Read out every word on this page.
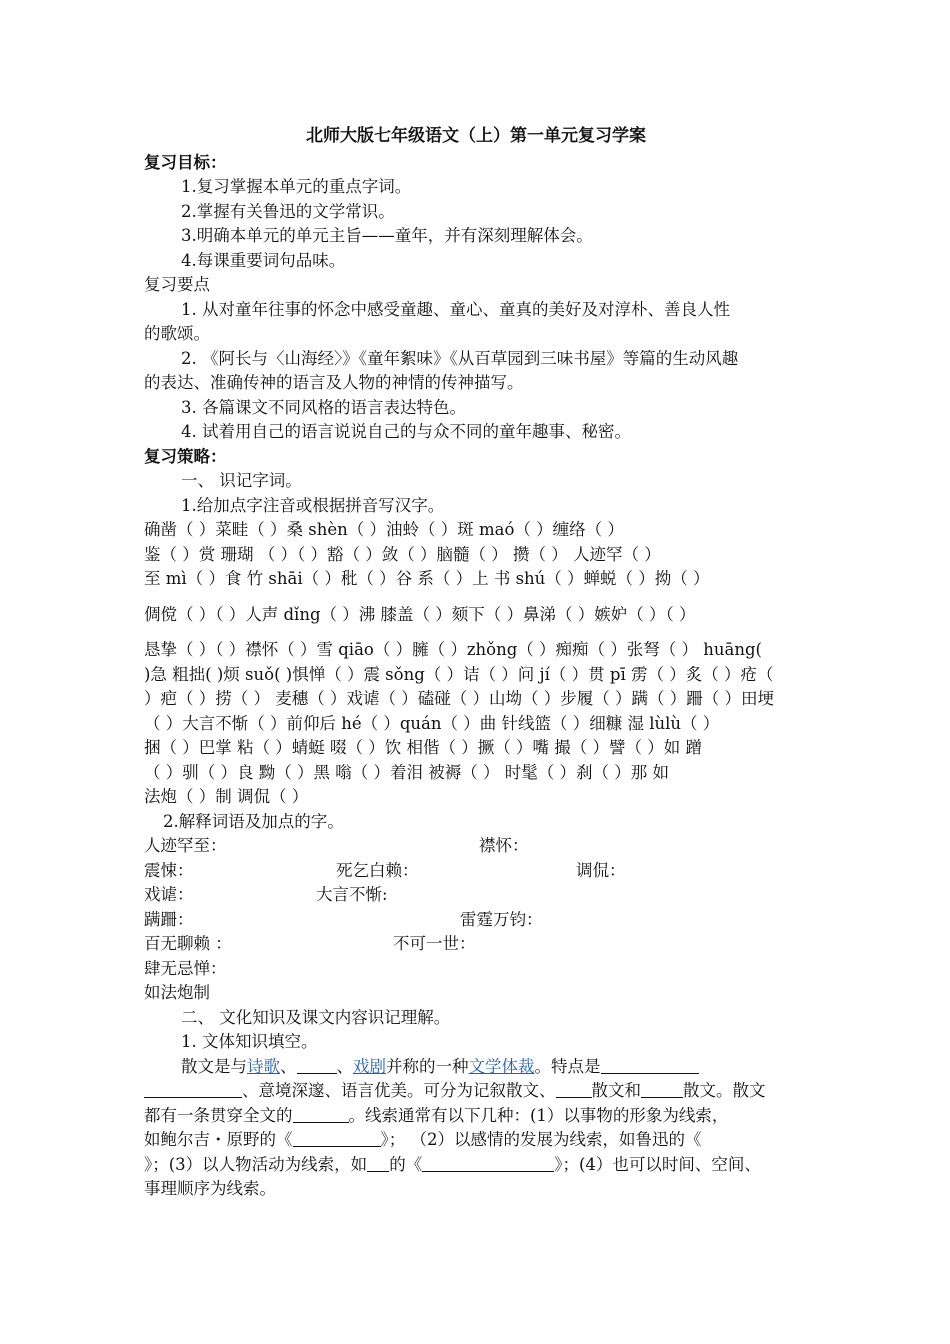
北师大版七年级语文（上）第一单元复习学案
复习目标：
1.复习掌握本单元的重点字词。
2.掌握有关鲁迅的文学常识。
3.明确本单元的单元主旨——童年，并有深刻理解体会。
4.每课重要词句品味。
复习要点
1. 从对童年往事的怀念中感受童趣、童心、童真的美好及对淳朴、善良人性
的歌颂。
2. 《阿长与〈山海经〉》《童年絮味》《从百草园到三味书屋》等篇的生动风趣
的表达、准确传神的语言及人物的神情的传神描写。
3. 各篇课文不同风格的语言表达特色。
4. 试着用自己的语言说说自己的与众不同的童年趣事、秘密。
复习策略：
一、 识记字词。
1.给加点字注音或根据拼音写汉字。
确凿（ ）菜畦（ ）桑 shèn（ ）油蛉（ ）斑 maó（ ）缠络（ ）
鉴（ ）赏 珊瑚 （ ）（ ）豁（ ）敛（ ）脑髓（ ） 攒（ ） 人迹罕（ ）
至 mì（ ）食 竹 shāi（ ）秕（ ）谷 系（ ）上 书 shú（ ）蝉蜕（ ）拗（ ）
倜傥（ ）（ ）人声 dǐng（ ）沸 膝盖（ ）颏下（ ）鼻涕（ ）嫉妒（ ）（ ）
恳挚（ ）（ ）襟怀（ ）雪 qiāo（ ）臃（ ）zhǒng（ ）痴痴（ ）张弩（ ） huāng(
)急 粗拙( )烦 suǒ( )惧惮（ ）震 sǒng（ ）诘（ ）问 jí（ ）贯 pī 雳（ ）炙（ ）疮（
）疤（ ）捞（ ） 麦穗（ ）戏谑（ ）磕碰（ ）山坳（ ）步履（ ）蹒（ ）跚（ ）田埂
（ ）大言不惭（ ）前仰后 hé（ ）quán（ ）曲 针线篮（ ）细糠 湿 lùlù（ ）
捆（ ）巴掌 粘（ ）蜻蜓 啜（ ）饮 相偕（ ）撅（ ）嘴 撮（ ）譬（ ）如 蹭
（ ）驯（ ）良 黝（ ）黑 嗡（ ）着泪 被褥（ ） 时髦（ ）刹（ ）那 如
法炮（ ）制 调侃（ ）
2.解释词语及加点的字。
人迹罕至：	襟怀：
震悚：	死乞白赖：	调侃：
戏谑：	大言不惭:
蹒跚：	雷霆万钧：
百无聊赖 ：	不可一世：
肆无忌惮：
如法炮制
二、 文化知识及课文内容识记理解。
1. 文体知识填空。
散文是与诗歌、 、戏剧并称的一种文学体裁。特点是
、意境深邃、语言优美。可分为记叙散文、 散文和	散文。散文
都有一条贯穿全文的	。线索通常有以下几种：(1）以事物的形象为线索，
如鲍尔吉・原野的《	》； （2）以感情的发展为线索，如鲁迅的《
》；(3）以人物活动为线索，如 的《	》；(4）也可以时间、空间、
事理顺序为线索。
